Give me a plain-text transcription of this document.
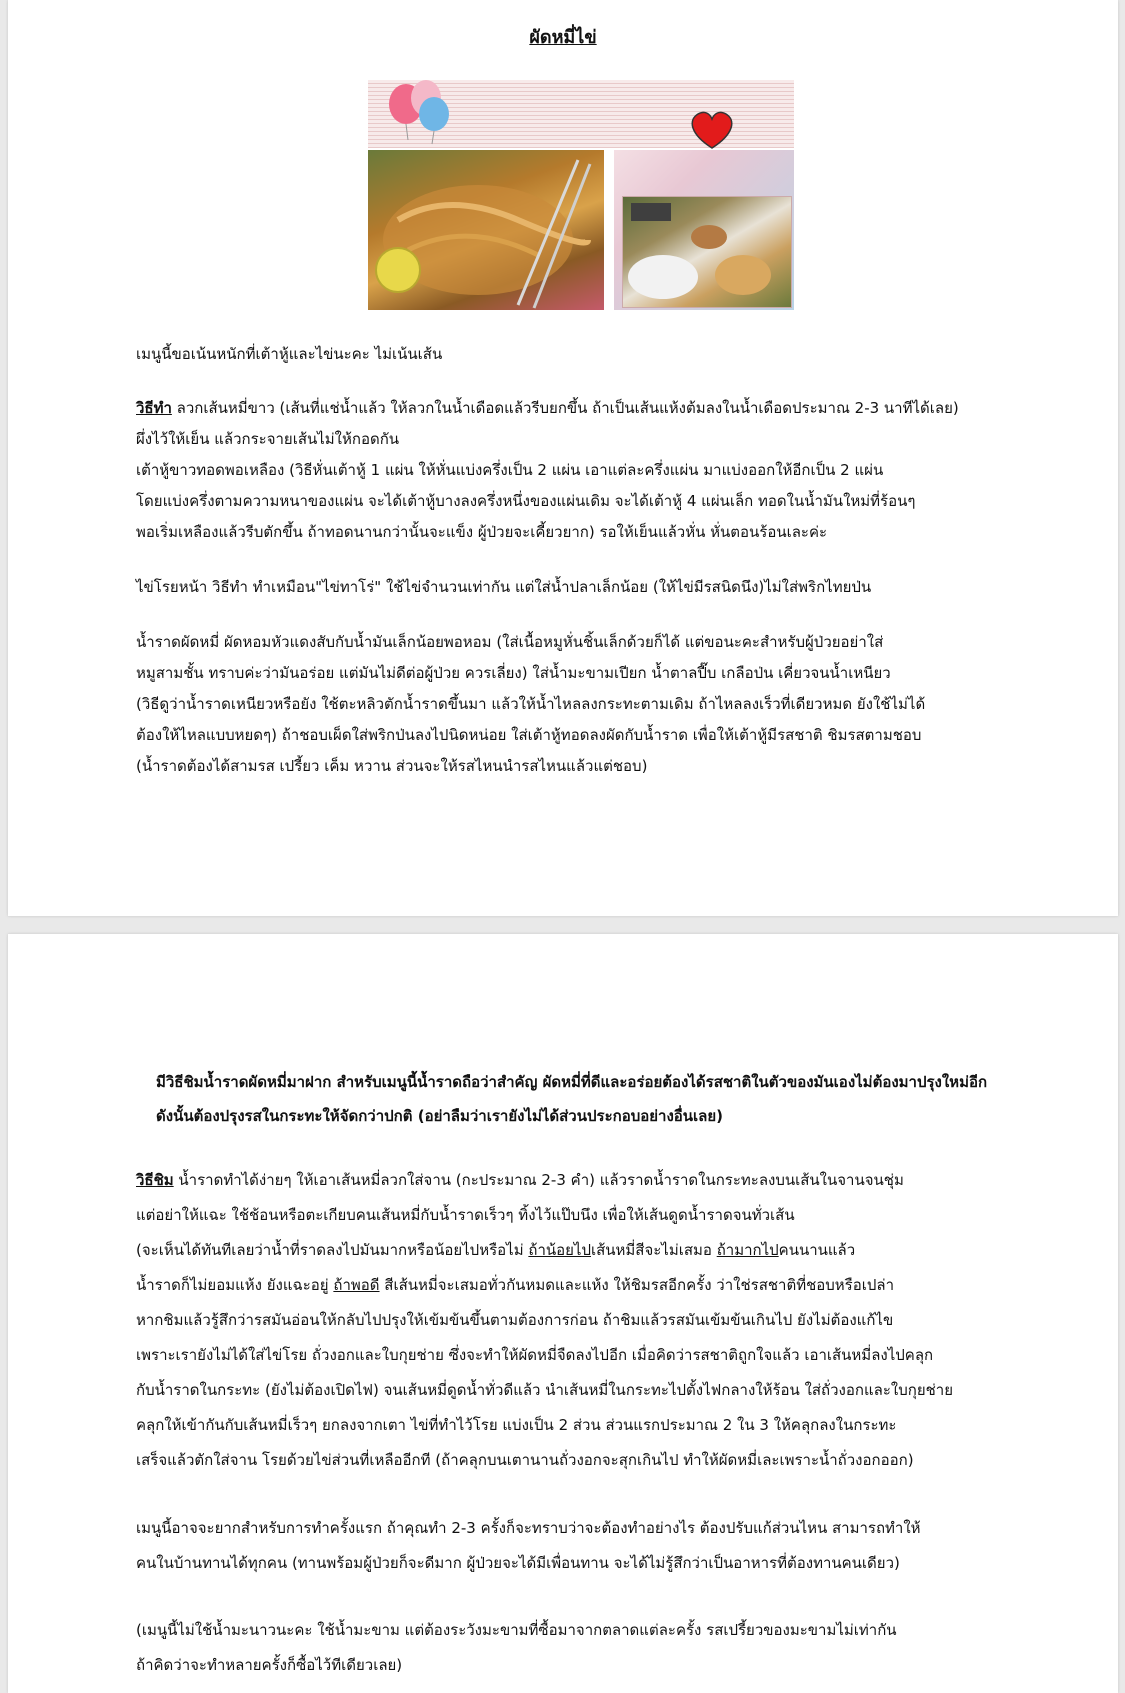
ผัดหมี่ไข่

เมนูนี้ขอเน้นหนักที่เต้าหู้และไข่นะคะ ไม่เน้นเส้น

วิธีทำ ลวกเส้นหมี่ขาว (เส้นที่แช่น้ำแล้ว ให้ลวกในน้ำเดือดแล้วรีบยกขึ้น ถ้าเป็นเส้นแห้งต้มลงในน้ำเดือดประมาณ 2-3 นาทีได้เลย)

ผึ่งไว้ให้เย็น แล้วกระจายเส้นไม่ให้กอดกัน

เต้าหู้ขาวทอดพอเหลือง (วิธีหั่นเต้าหู้ 1 แผ่น ให้หั่นแบ่งครึ่งเป็น 2 แผ่น เอาแต่ละครึ่งแผ่น มาแบ่งออกให้อีกเป็น 2 แผ่น

โดยแบ่งครึ่งตามความหนาของแผ่น จะได้เต้าหู้บางลงครึ่งหนึ่งของแผ่นเดิม จะได้เต้าหู้ 4 แผ่นเล็ก ทอดในน้ำมันใหม่ที่ร้อนๆ

พอเริ่มเหลืองแล้วรีบตักขึ้น ถ้าทอดนานกว่านั้นจะแข็ง ผู้ป่วยจะเคี้ยวยาก) รอให้เย็นแล้วหั่น หั่นตอนร้อนเละค่ะ

ไข่โรยหน้า วิธีทำ ทำเหมือน"ไข่ทาโร่" ใช้ไข่จำนวนเท่ากัน แต่ใส่น้ำปลาเล็กน้อย (ให้ไข่มีรสนิดนึง)ไม่ใส่พริกไทยป่น

น้ำราดผัดหมี่ ผัดหอมหัวแดงสับกับน้ำมันเล็กน้อยพอหอม (ใส่เนื้อหมูหั่นชิ้นเล็กด้วยก็ได้ แต่ขอนะคะสำหรับผู้ป่วยอย่าใส่

หมูสามชั้น ทราบค่ะว่ามันอร่อย แต่มันไม่ดีต่อผู้ป่วย ควรเลี่ยง) ใส่น้ำมะขามเปียก น้ำตาลปี๊บ เกลือป่น เคี่ยวจนน้ำเหนียว

(วิธีดูว่าน้ำราดเหนียวหรือยัง ใช้ตะหลิวตักน้ำราดขึ้นมา แล้วให้น้ำไหลลงกระทะตามเดิม ถ้าไหลลงเร็วที่เดียวหมด ยังใช้ไม่ได้

ต้องให้ไหลแบบหยดๆ) ถ้าชอบเผ็ดใส่พริกป่นลงไปนิดหน่อย ใส่เต้าหู้ทอดลงผัดกับน้ำราด เพื่อให้เต้าหู้มีรสชาติ ชิมรสตามชอบ

(น้ำราดต้องได้สามรส เปรี้ยว เค็ม หวาน ส่วนจะให้รสไหนนำรสไหนแล้วแต่ชอบ)

มีวิธีชิมน้ำราดผัดหมี่มาฝาก สำหรับเมนูนี้น้ำราดถือว่าสำคัญ ผัดหมี่ที่ดีและอร่อยต้องได้รสชาติในตัวของมันเองไม่ต้องมาปรุงใหม่อีก

ดังนั้นต้องปรุงรสในกระทะให้จัดกว่าปกติ (อย่าลืมว่าเรายังไม่ได้ส่วนประกอบอย่างอื่นเลย)

วิธีชิม น้ำราดทำได้ง่ายๆ ให้เอาเส้นหมี่ลวกใส่จาน (กะประมาณ 2-3 คำ) แล้วราดน้ำราดในกระทะลงบนเส้นในจานจนชุ่ม

แต่อย่าให้แฉะ ใช้ช้อนหรือตะเกียบคนเส้นหมี่กับน้ำราดเร็วๆ ทิ้งไว้แป๊บนึง เพื่อให้เส้นดูดน้ำราดจนทั่วเส้น

(จะเห็นได้ทันทีเลยว่าน้ำที่ราดลงไปมันมากหรือน้อยไปหรือไม่ ถ้าน้อยไปเส้นหมี่สีจะไม่เสมอ ถ้ามากไปคนนานแล้ว

น้ำราดก็ไม่ยอมแห้ง ยังแฉะอยู่ ถ้าพอดี สีเส้นหมี่จะเสมอทั่วกันหมดและแห้ง ให้ชิมรสอีกครั้ง ว่าใช่รสชาติที่ชอบหรือเปล่า

หากชิมแล้วรู้สึกว่ารสมันอ่อนให้กลับไปปรุงให้เข้มข้นขึ้นตามต้องการก่อน ถ้าชิมแล้วรสมันเข้มข้นเกินไป ยังไม่ต้องแก้ไข

เพราะเรายังไม่ได้ใส่ไข่โรย ถั่วงอกและใบกุยช่าย ซึ่งจะทำให้ผัดหมี่จืดลงไปอีก เมื่อคิดว่ารสชาติถูกใจแล้ว เอาเส้นหมี่ลงไปคลุก

กับน้ำราดในกระทะ (ยังไม่ต้องเปิดไฟ) จนเส้นหมี่ดูดน้ำทั่วดีแล้ว นำเส้นหมี่ในกระทะไปตั้งไฟกลางให้ร้อน ใส่ถั่วงอกและใบกุยช่าย

คลุกให้เข้ากันกับเส้นหมี่เร็วๆ ยกลงจากเตา ไข่ที่ทำไว้โรย แบ่งเป็น 2 ส่วน ส่วนแรกประมาณ 2 ใน 3 ให้คลุกลงในกระทะ

เสร็จแล้วตักใส่จาน โรยด้วยไข่ส่วนที่เหลืออีกที (ถ้าคลุกบนเตานานถั่วงอกจะสุกเกินไป ทำให้ผัดหมี่เละเพราะน้ำถั่วงอกออก)

เมนูนี้อาจจะยากสำหรับการทำครั้งแรก ถ้าคุณทำ 2-3 ครั้งก็จะทราบว่าจะต้องทำอย่างไร ต้องปรับแก้ส่วนไหน สามารถทำให้

คนในบ้านทานได้ทุกคน (ทานพร้อมผู้ป่วยก็จะดีมาก ผู้ป่วยจะได้มีเพื่อนทาน จะได้ไม่รู้สึกว่าเป็นอาหารที่ต้องทานคนเดียว)

(เมนูนี้ไม่ใช้น้ำมะนาวนะคะ ใช้น้ำมะขาม แต่ต้องระวังมะขามที่ซื้อมาจากตลาดแต่ละครั้ง รสเปรี้ยวของมะขามไม่เท่ากัน

ถ้าคิดว่าจะทำหลายครั้งก็ซื้อไว้ทีเดียวเลย)
